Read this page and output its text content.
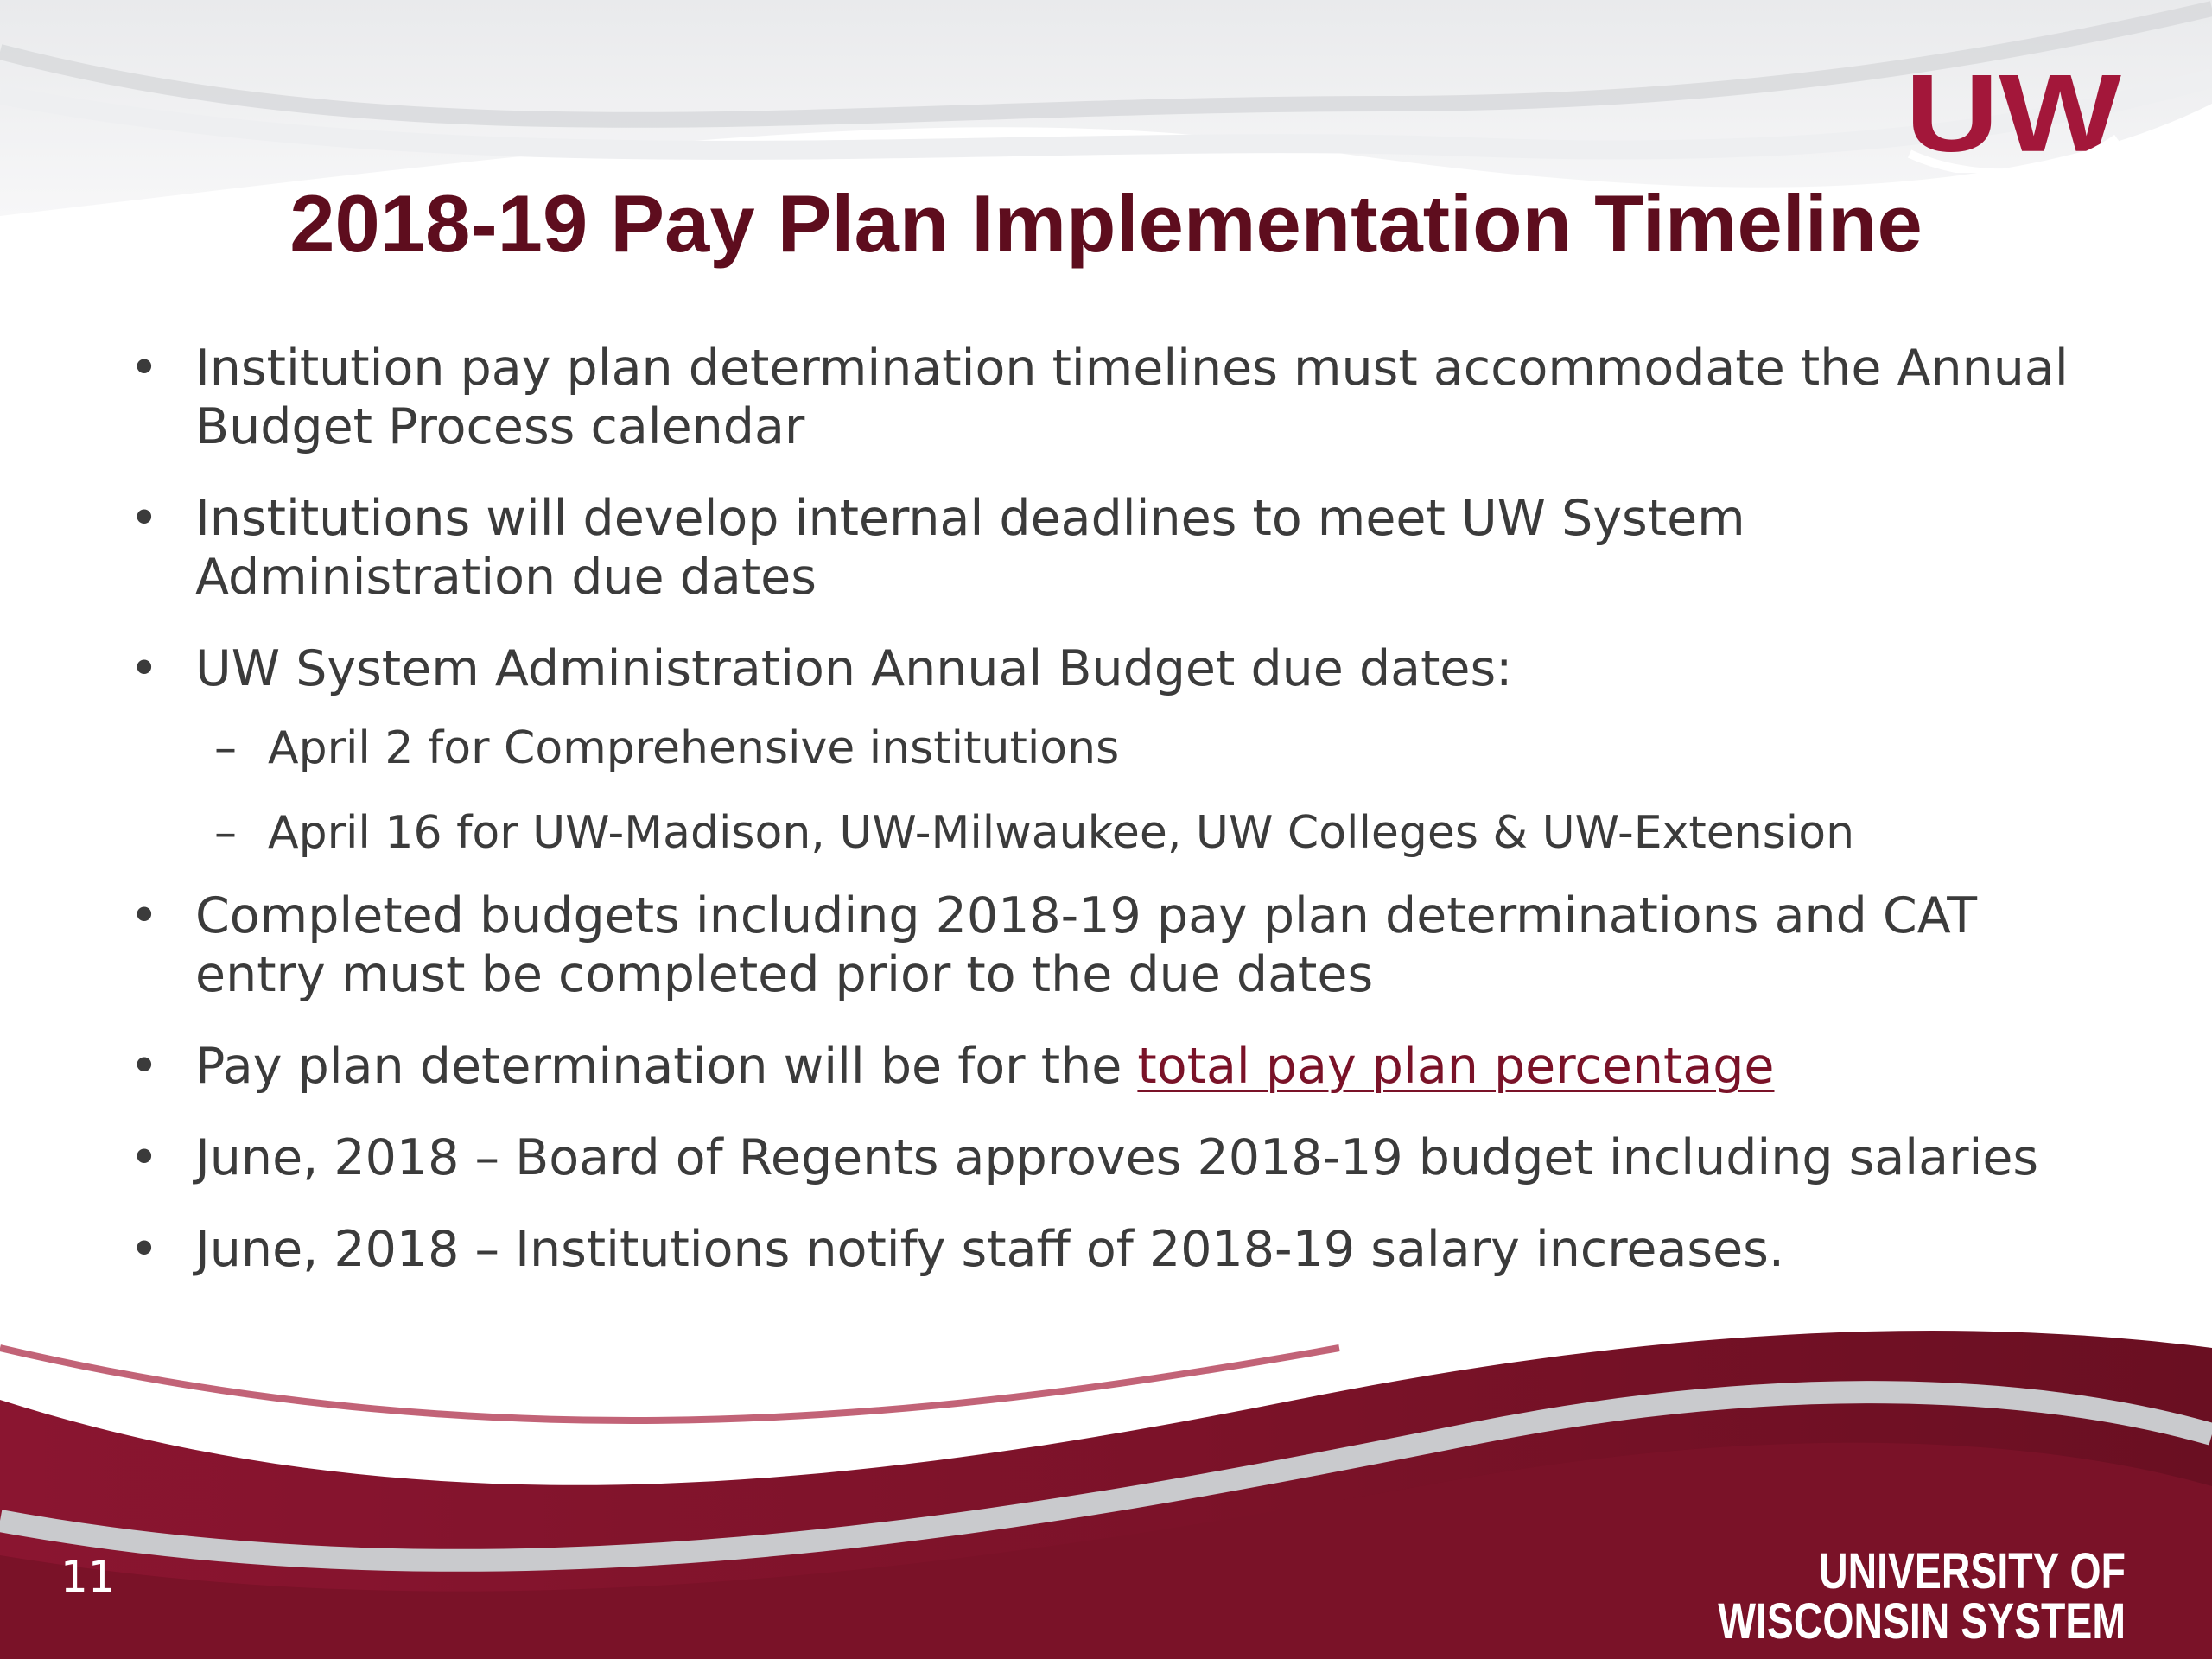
UW
2018-19 Pay Plan Implementation Timeline
• Institution pay plan determination timelines must accommodate the Annual Budget Process calendar
• Institutions will develop internal deadlines to meet UW System Administration due dates
• UW System Administration Annual Budget due dates:
– April 2 for Comprehensive institutions
– April 16 for UW-Madison, UW-Milwaukee, UW Colleges & UW-Extension
• Completed budgets including 2018-19 pay plan determinations and CAT entry must be completed prior to the due dates
• Pay plan determination will be for the total pay plan percentage
• June, 2018 – Board of Regents approves 2018-19 budget including salaries
• June, 2018 – Institutions notify staff of 2018-19 salary increases.
11	UNIVERSITY OF WISCONSIN SYSTEM
